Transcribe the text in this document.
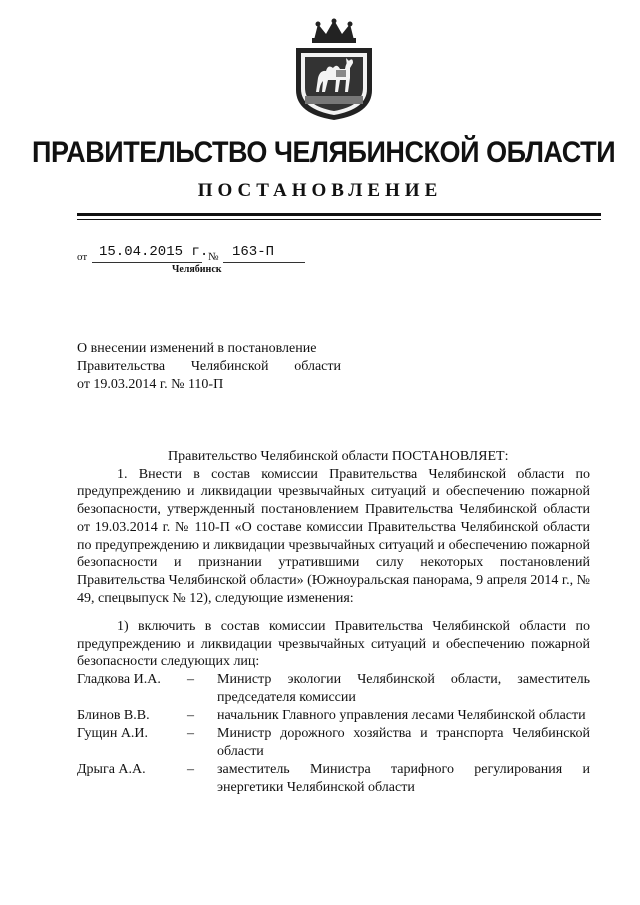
ПРАВИТЕЛЬСТВО ЧЕЛЯБИНСКОЙ ОБЛАСТИ
ПОСТАНОВЛЕНИЕ
от 15.04.2015 г. № 163-П
Челябинск
О внесении изменений в постановление
Правительства Челябинской области
от 19.03.2014 г. № 110-П
Правительство Челябинской области ПОСТАНОВЛЯЕТ:
1. Внести в состав комиссии Правительства Челябинской области по предупреждению и ликвидации чрезвычайных ситуаций и обеспечению пожарной безопасности, утвержденный постановлением Правительства Челябинской области от 19.03.2014 г. № 110-П «О составе комиссии Правительства Челябинской области по предупреждению и ликвидации чрезвычайных ситуаций и обеспечению пожарной безопасности и признании утратившими силу некоторых постановлений Правительства Челябинской области» (Южноуральская панорама, 9 апреля 2014 г., № 49, спецвыпуск № 12), следующие изменения:
1) включить в состав комиссии Правительства Челябинской области по предупреждению и ликвидации чрезвычайных ситуаций и обеспечению пожарной безопасности следующих лиц:
Гладкова И.А.	–	Министр экологии Челябинской области, заместитель председателя комиссии
Блинов В.В.	–	начальник Главного управления лесами Челябинской области
Гущин А.И.	–	Министр дорожного хозяйства и транспорта Челябинской области
Дрыга А.А.	–	заместитель Министра тарифного регулирования и энергетики Челябинской области
